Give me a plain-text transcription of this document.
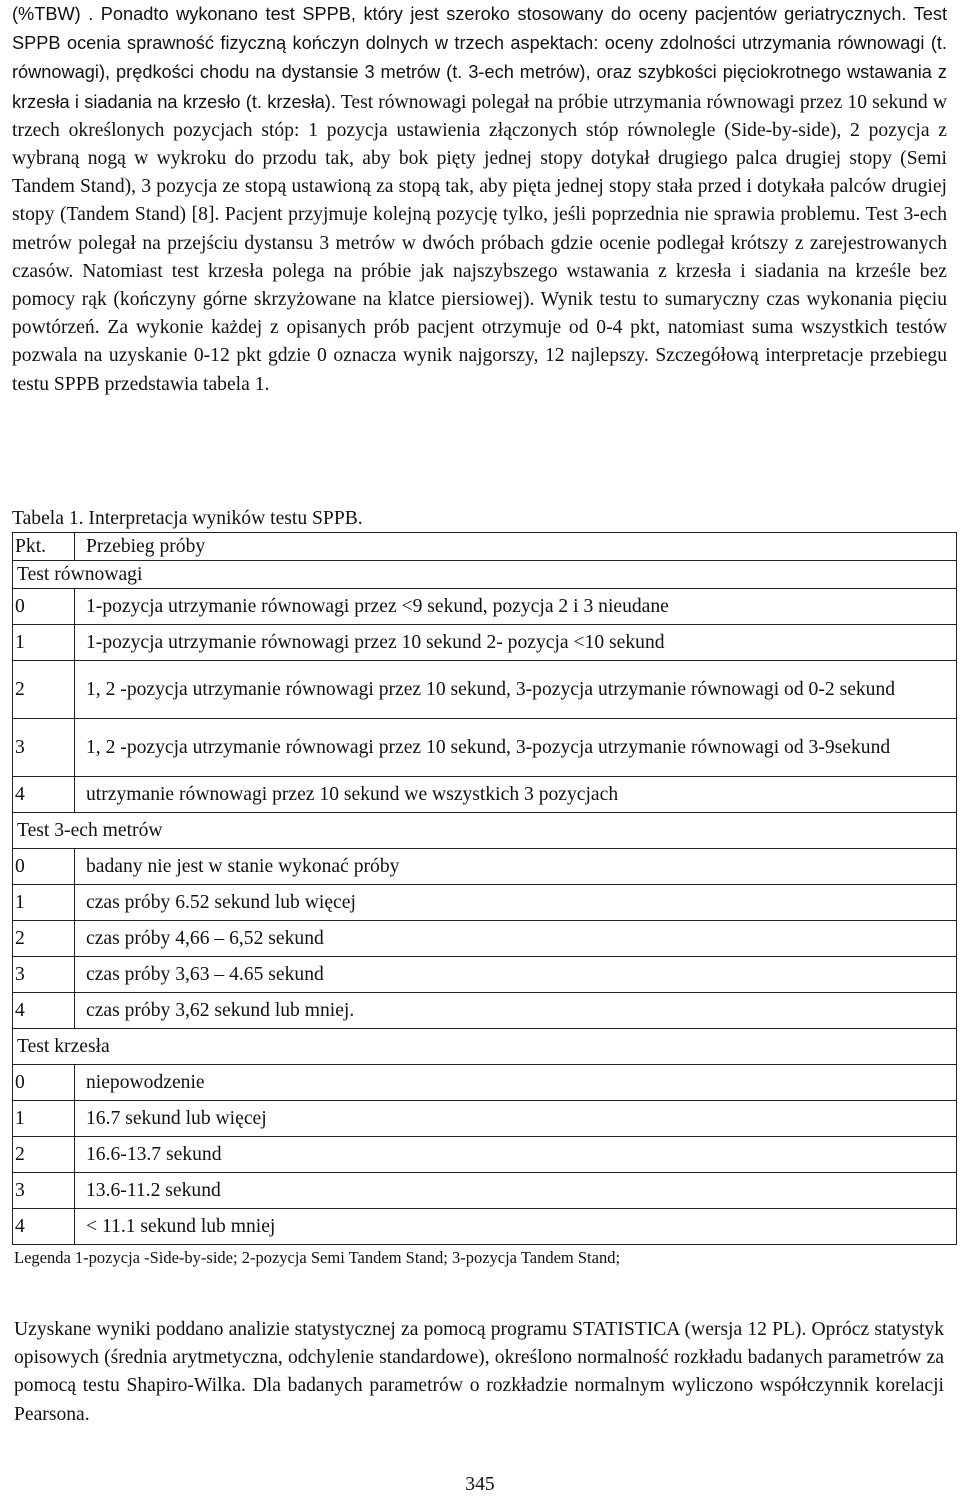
(%TBW) . Ponadto wykonano test SPPB, który jest szeroko stosowany do oceny pacjentów geriatrycznych. Test SPPB ocenia sprawność fizyczną kończyn dolnych w trzech aspektach: oceny zdolności utrzymania równowagi (t. równowagi), prędkości chodu na dystansie 3 metrów (t. 3-ech metrów), oraz szybkości pięciokrotnego wstawania z krzesła i siadania na krzesło (t. krzesła). Test równowagi polegał na próbie utrzymania równowagi przez 10 sekund w trzech określonych pozycjach stóp: 1 pozycja ustawienia złączonych stóp równolegle (Side-by-side), 2 pozycja z wybraną nogą w wykroku do przodu tak, aby bok pięty jednej stopy dotykał drugiego palca drugiej stopy (Semi Tandem Stand), 3 pozycja ze stopą ustawioną za stopą tak, aby pięta jednej stopy stała przed i dotykała palców drugiej stopy (Tandem Stand) [8]. Pacjent przyjmuje kolejną pozycję tylko, jeśli poprzednia nie sprawia problemu. Test 3-ech metrów polegał na przejściu dystansu 3 metrów w dwóch próbach gdzie ocenie podlegał krótszy z zarejestrowanych czasów. Natomiast test krzesła polega na próbie jak najszybszego wstawania z krzesła i siadania na krześle bez pomocy rąk (kończyny górne skrzyżowane na klatce piersiowej). Wynik testu to sumaryczny czas wykonania pięciu powtórzeń. Za wykonie każdej z opisanych prób pacjent otrzymuje od 0-4 pkt, natomiast suma wszystkich testów pozwala na uzyskanie 0-12 pkt gdzie 0 oznacza wynik najgorszy, 12 najlepszy. Szczegółową interpretacje przebiegu testu SPPB przedstawia tabela 1.

Tabela 1. Interpretacja wyników testu SPPB.
Pkt.	Przebieg próby
Test równowagi	
0	1-pozycja utrzymanie równowagi przez <9 sekund, pozycja 2 i 3 nieudane
1	1-pozycja utrzymanie równowagi przez 10 sekund 2- pozycja <10 sekund
2	1, 2 -pozycja utrzymanie równowagi przez 10 sekund, 3-pozycja utrzymanie równowagi od 0-2 sekund
3	1, 2 -pozycja utrzymanie równowagi przez 10 sekund, 3-pozycja utrzymanie równowagi od 3-9sekund
4	utrzymanie równowagi przez 10 sekund we wszystkich 3 pozycjach
Test 3-ech metrów	
0	badany nie jest w stanie wykonać próby
1	czas próby 6.52 sekund lub więcej
2	czas próby 4,66 – 6,52 sekund
3	czas próby 3,63 – 4.65 sekund
4	czas próby 3,62 sekund lub mniej.
Test krzesła	
0	niepowodzenie
1	16.7 sekund lub więcej
2	16.6-13.7 sekund
3	13.6-11.2 sekund
4	< 11.1 sekund lub mniej
Legenda 1-pozycja -Side-by-side; 2-pozycja Semi Tandem Stand; 3-pozycja Tandem Stand;

Uzyskane wyniki poddano analizie statystycznej za pomocą programu STATISTICA (wersja 12 PL). Oprócz statystyk opisowych (średnia arytmetyczna, odchylenie standardowe), określono normalność rozkładu badanych parametrów za pomocą testu Shapiro-Wilka. Dla badanych parametrów o rozkładzie normalnym wyliczono współczynnik korelacji Pearsona.

345
